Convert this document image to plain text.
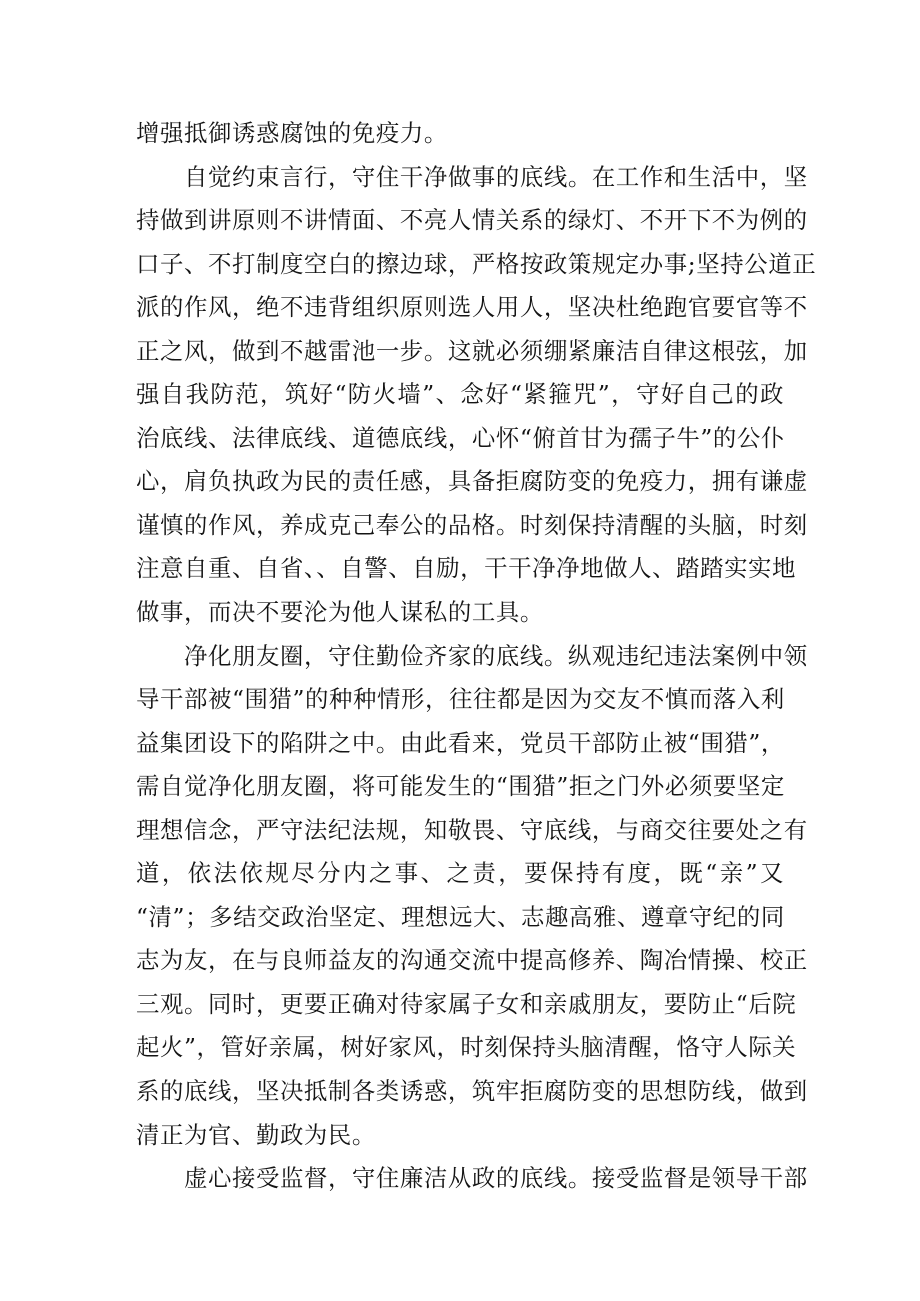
增强抵御诱惑腐蚀的免疫力。
自觉约束言行，守住干净做事的底线。在工作和生活中，坚
持做到讲原则不讲情面、不亮人情关系的绿灯、不开下不为例的
口子、不打制度空白的擦边球，严格按政策规定办事;坚持公道正
派的作风，绝不违背组织原则选人用人，坚决杜绝跑官要官等不
正之风，做到不越雷池一步。这就必须绷紧廉洁自律这根弦，加
强自我防范，筑好“防火墙”、念好“紧箍咒”，守好自己的政
治底线、法律底线、道德底线，心怀“俯首甘为孺子牛”的公仆
心，肩负执政为民的责任感，具备拒腐防变的免疫力，拥有谦虚
谨慎的作风，养成克己奉公的品格。时刻保持清醒的头脑，时刻
注意自重、自省、、自警、自励，干干净净地做人、踏踏实实地
做事，而决不要沦为他人谋私的工具。
净化朋友圈，守住勤俭齐家的底线。纵观违纪违法案例中领
导干部被“围猎”的种种情形，往往都是因为交友不慎而落入利
益集团设下的陷阱之中。由此看来，党员干部防止被“围猎”，
需自觉净化朋友圈，将可能发生的“围猎”拒之门外必须要坚定
理想信念，严守法纪法规，知敬畏、守底线，与商交往要处之有
道，依法依规尽分内之事、之责，要保持有度，既“亲”又
“清”；多结交政治坚定、理想远大、志趣高雅、遵章守纪的同
志为友，在与良师益友的沟通交流中提高修养、陶冶情操、校正
三观。同时，更要正确对待家属子女和亲戚朋友，要防止“后院
起火”，管好亲属，树好家风，时刻保持头脑清醒，恪守人际关
系的底线，坚决抵制各类诱惑，筑牢拒腐防变的思想防线，做到
清正为官、勤政为民。
虚心接受监督，守住廉洁从政的底线。接受监督是领导干部
